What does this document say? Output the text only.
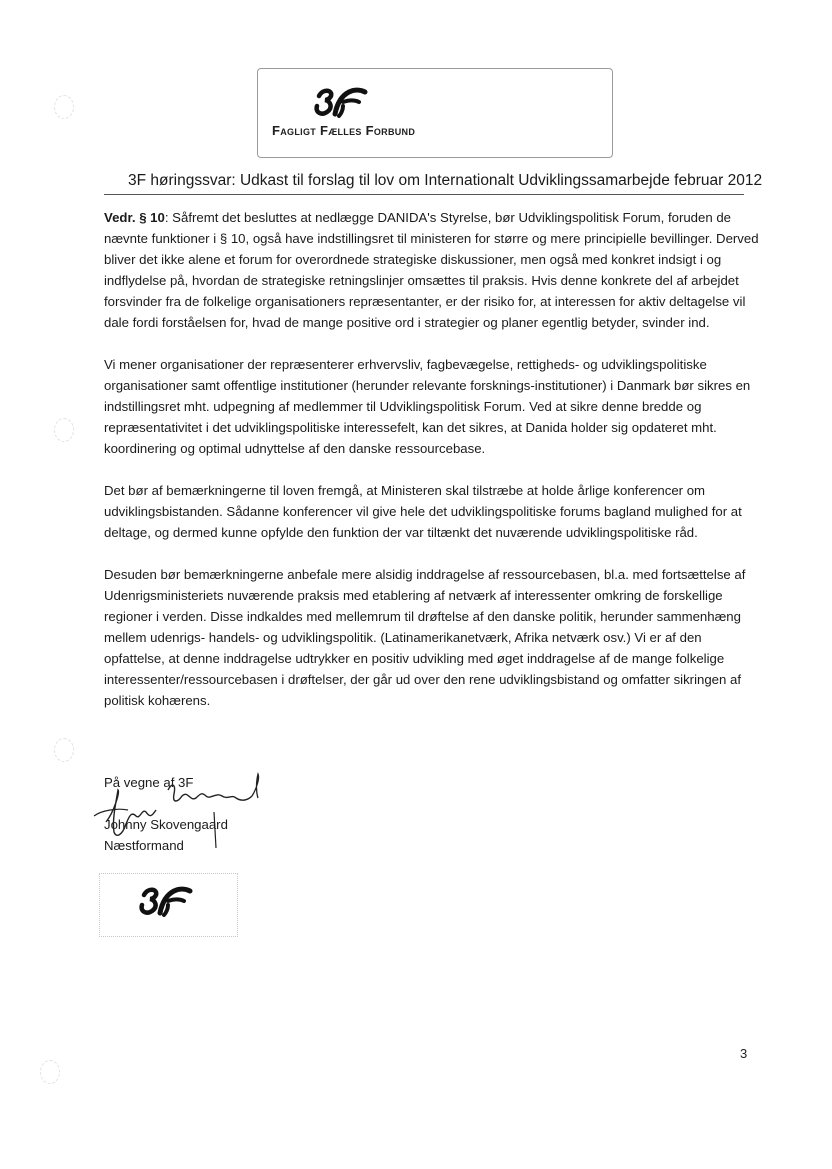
Fagligt Fælles Forbund
3F høringssvar: Udkast til forslag til lov om Internationalt Udviklingssamarbejde februar 2012

Vedr. § 10: Såfremt det besluttes at nedlægge DANIDA's Styrelse, bør Udviklingspolitisk Forum, foruden de nævnte funktioner i § 10, også have indstillingsret til ministeren for større og mere principielle bevillinger. Derved bliver det ikke alene et forum for overordnede strategiske diskussioner, men også med konkret indsigt i og indflydelse på, hvordan de strategiske retningslinjer omsættes til praksis. Hvis denne konkrete del af arbejdet forsvinder fra de folkelige organisationers repræsentanter, er der risiko for, at interessen for aktiv deltagelse vil dale fordi forståelsen for, hvad de mange positive ord i strategier og planer egentlig betyder, svinder ind.

Vi mener organisationer der repræsenterer erhvervsliv, fagbevægelse, rettigheds- og udviklingspolitiske organisationer samt offentlige institutioner (herunder relevante forsknings-institutioner) i Danmark bør sikres en indstillingsret mht. udpegning af medlemmer til Udviklingspolitisk Forum. Ved at sikre denne bredde og repræsentativitet i det udviklingspolitiske interessefelt, kan det sikres, at Danida holder sig opdateret mht. koordinering og optimal udnyttelse af den danske ressourcebase.

Det bør af bemærkningerne til loven fremgå, at Ministeren skal tilstræbe at holde årlige konferencer om udviklingsbistanden. Sådanne konferencer vil give hele det udviklingspolitiske forums bagland mulighed for at deltage, og dermed kunne opfylde den funktion der var tiltænkt det nuværende udviklingspolitiske råd.

Desuden bør bemærkningerne anbefale mere alsidig inddragelse af ressourcebasen, bl.a. med fortsættelse af Udenrigsministeriets nuværende praksis med etablering af netværk af interessenter omkring de forskellige regioner i verden. Disse indkaldes med mellemrum til drøftelse af den danske politik, herunder sammenhæng mellem udenrigs- handels- og udviklingspolitik. (Latinamerikanetværk, Afrika netværk osv.) Vi er af den opfattelse, at denne inddragelse udtrykker en positiv udvikling med øget inddragelse af de mange folkelige interessenter/ressourcebasen i drøftelser, der går ud over den rene udviklingsbistand og omfatter sikringen af politisk kohærens.

På vegne af 3F
Johnny Skovengaard
Næstformand
3
